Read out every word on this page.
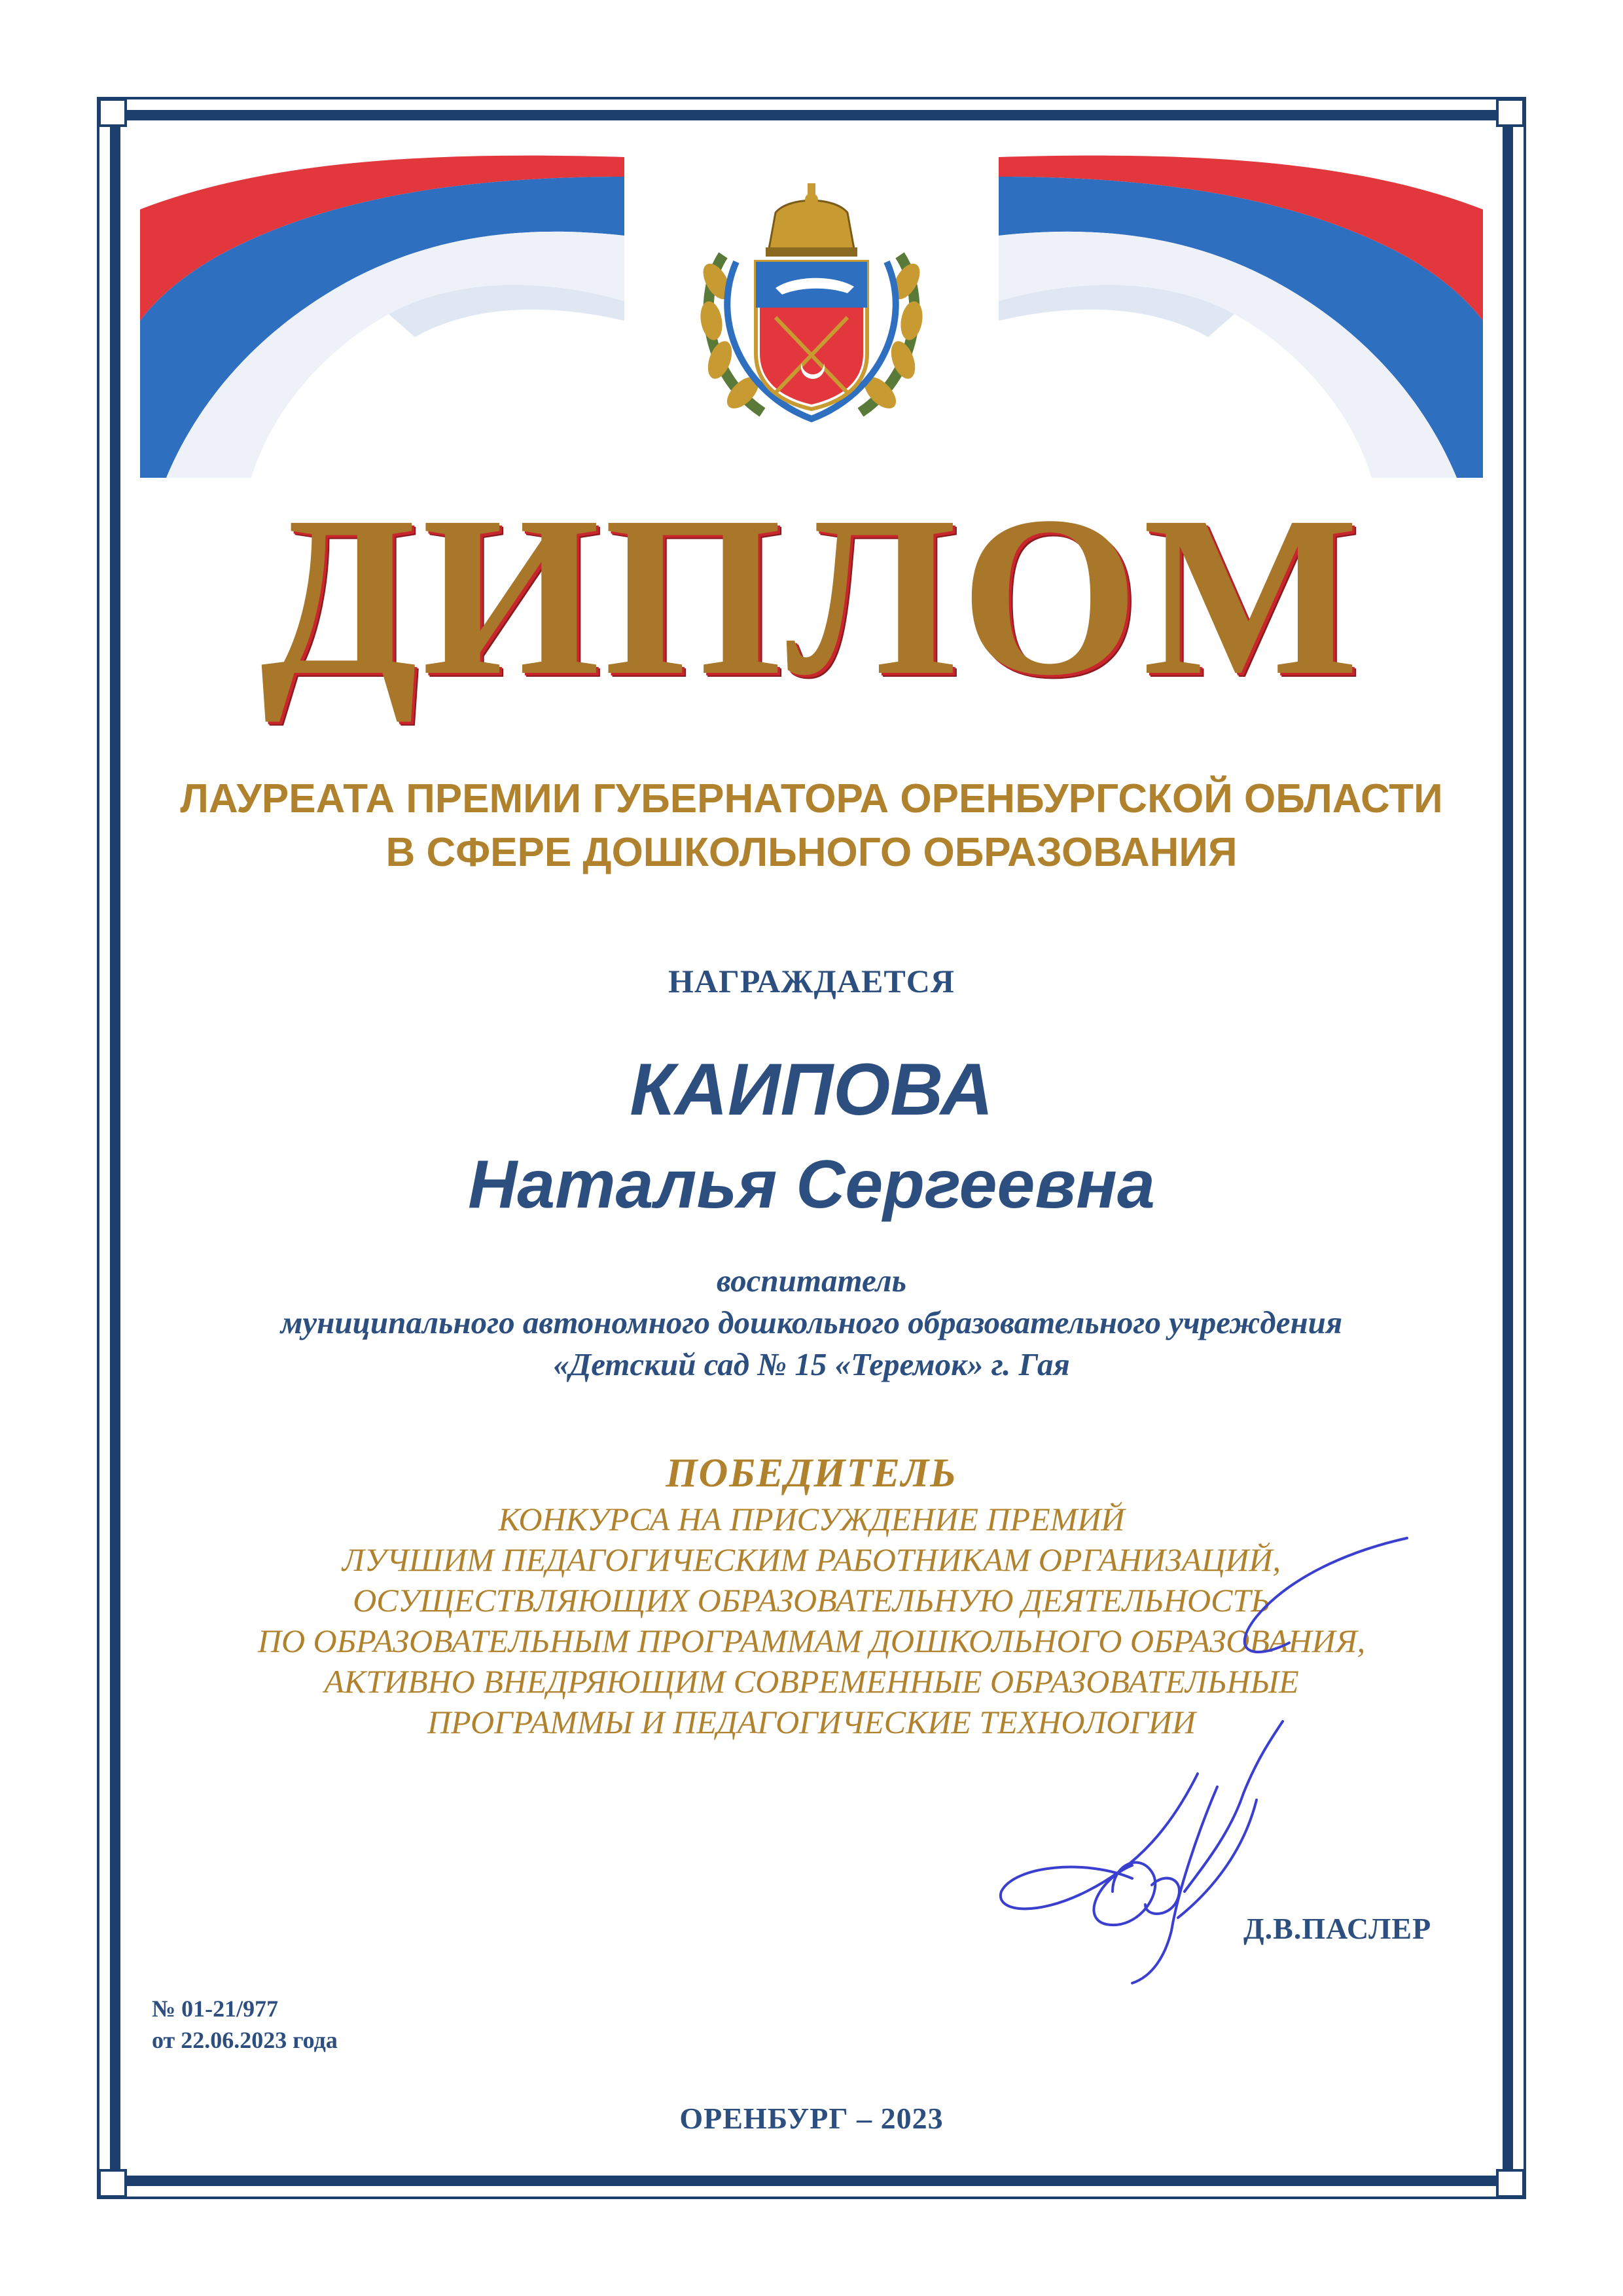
ДИПЛОМ
ЛАУРЕАТА ПРЕМИИ ГУБЕРНАТОРА ОРЕНБУРГСКОЙ ОБЛАСТИ
В СФЕРЕ ДОШКОЛЬНОГО ОБРАЗОВАНИЯ
НАГРАЖДАЕТСЯ
КАИПОВА
Наталья Сергеевна
воспитатель
муниципального автономного дошкольного образовательного учреждения
«Детский сад № 15 «Теремок» г. Гая
ПОБЕДИТЕЛЬ
КОНКУРСА НА ПРИСУЖДЕНИЕ ПРЕМИЙ
ЛУЧШИМ ПЕДАГОГИЧЕСКИМ РАБОТНИКАМ ОРГАНИЗАЦИЙ,
ОСУЩЕСТВЛЯЮЩИХ ОБРАЗОВАТЕЛЬНУЮ ДЕЯТЕЛЬНОСТЬ
ПО ОБРАЗОВАТЕЛЬНЫМ ПРОГРАММАМ ДОШКОЛЬНОГО ОБРАЗОВАНИЯ,
АКТИВНО ВНЕДРЯЮЩИМ СОВРЕМЕННЫЕ ОБРАЗОВАТЕЛЬНЫЕ
ПРОГРАММЫ И ПЕДАГОГИЧЕСКИЕ ТЕХНОЛОГИИ
Д.В.ПАСЛЕР
№ 01-21/977
от 22.06.2023 года
ОРЕНБУРГ – 2023
